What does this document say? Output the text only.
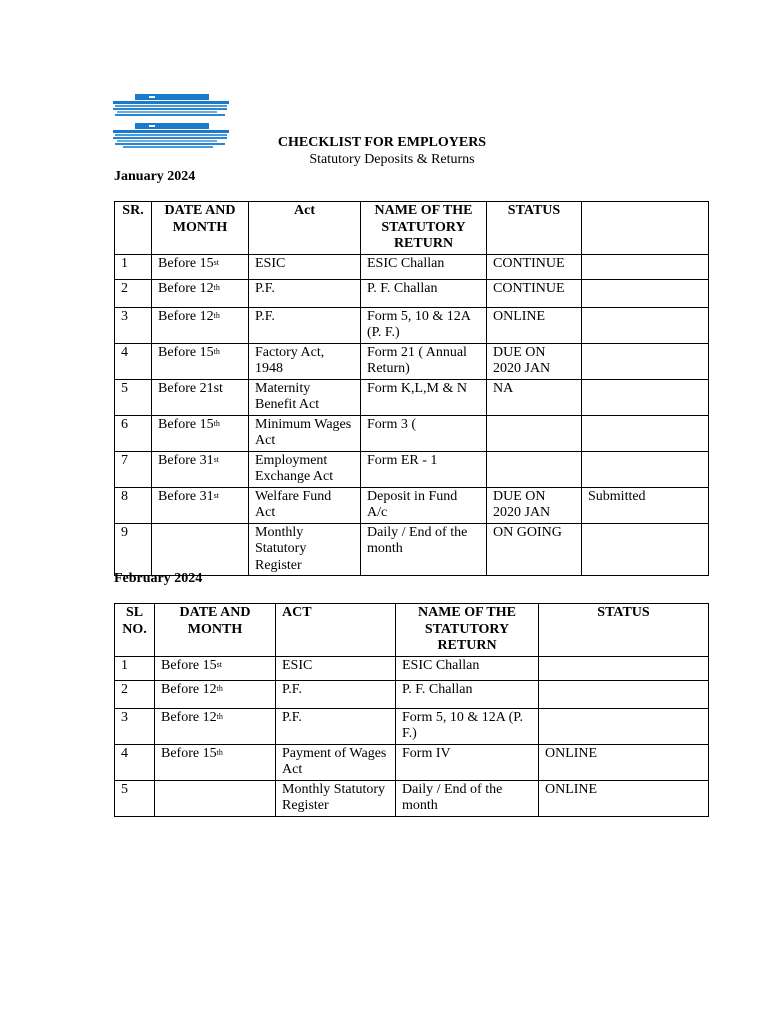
CHECKLIST FOR EMPLOYERS
Statutory Deposits & Returns
January 2024
SR.	DATE AND MONTH	Act	NAME OF THE STATUTORY RETURN	STATUS	
1	Before 15st	ESIC	ESIC Challan	CONTINUE	
2	Before 12th	P.F.	P. F. Challan	CONTINUE	
3	Before 12th	P.F.	Form 5, 10 & 12A (P. F.)	ONLINE	
4	Before 15th	Factory Act, 1948	Form 21 ( Annual Return)	DUE ON 2020 JAN	
5	Before 21st	Maternity Benefit Act	Form K,L,M & N	NA	
6	Before 15th	Minimum Wages Act	Form 3 (		
7	Before 31st	Employment Exchange Act	Form ER - 1		
8	Before 31st	Welfare Fund Act	Deposit in Fund A/c	DUE ON 2020 JAN	Submitted
9		Monthly Statutory Register	Daily / End of the month	ON GOING	
February 2024
SL NO.	DATE AND MONTH	ACT	NAME OF THE STATUTORY RETURN	STATUS
1	Before 15st	ESIC	ESIC Challan	
2	Before 12th	P.F.	P. F. Challan	
3	Before 12th	P.F.	Form 5, 10 & 12A (P. F.)	
4	Before 15th	Payment of Wages Act	Form IV	ONLINE
5		Monthly Statutory Register	Daily / End of the month	ONLINE
